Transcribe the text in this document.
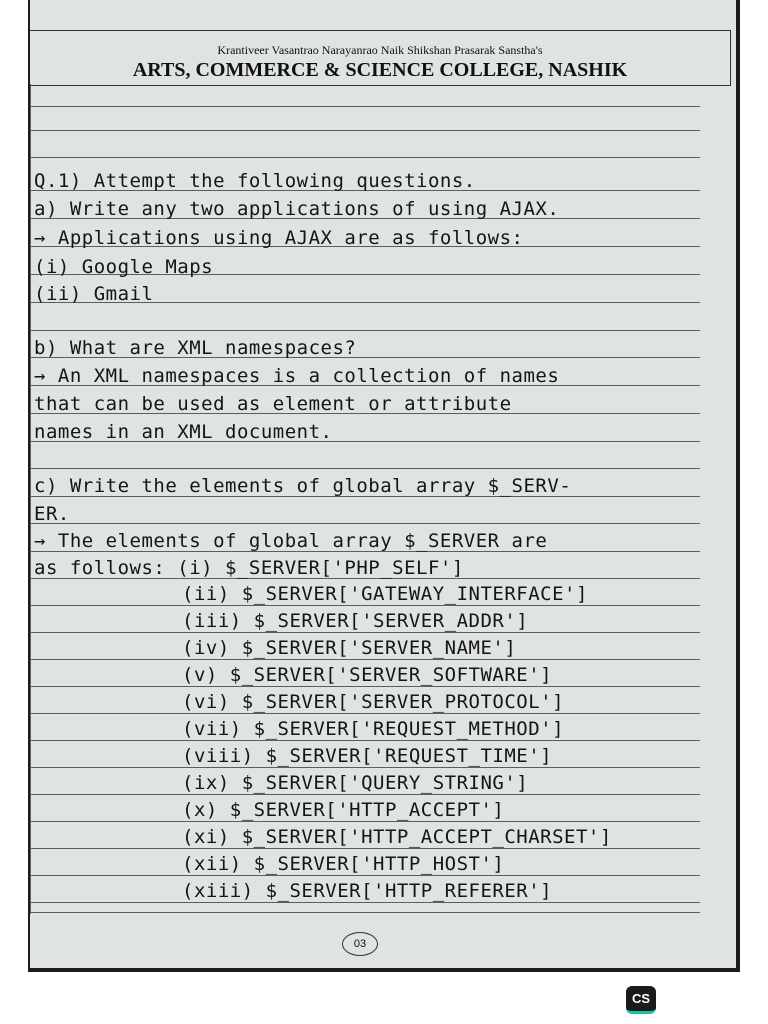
Krantiveer Vasantrao Narayanrao Naik Shikshan Prasarak Sanstha's
ARTS, COMMERCE & SCIENCE COLLEGE, NASHIK
Q.1) Attempt the following questions.
a) Write any two applications of using AJAX.
→ Applications using AJAX are as follows:
(i) Google Maps
(ii) Gmail
b) What are XML namespaces?
→ An XML namespaces is a collection of names
that can be used as element or attribute
names in an XML document.
c) Write the elements of global array $_SERV-
ER.
→ The elements of global array $_SERVER are
as follows: (i) $_SERVER['PHP_SELF']
(ii) $_SERVER['GATEWAY_INTERFACE']
(iii) $_SERVER['SERVER_ADDR']
(iv) $_SERVER['SERVER_NAME']
(v) $_SERVER['SERVER_SOFTWARE']
(vi) $_SERVER['SERVER_PROTOCOL']
(vii) $_SERVER['REQUEST_METHOD']
(viii) $_SERVER['REQUEST_TIME']
(ix) $_SERVER['QUERY_STRING']
(x) $_SERVER['HTTP_ACCEPT']
(xi) $_SERVER['HTTP_ACCEPT_CHARSET']
(xii) $_SERVER['HTTP_HOST']
(xiii) $_SERVER['HTTP_REFERER']
03
CS
